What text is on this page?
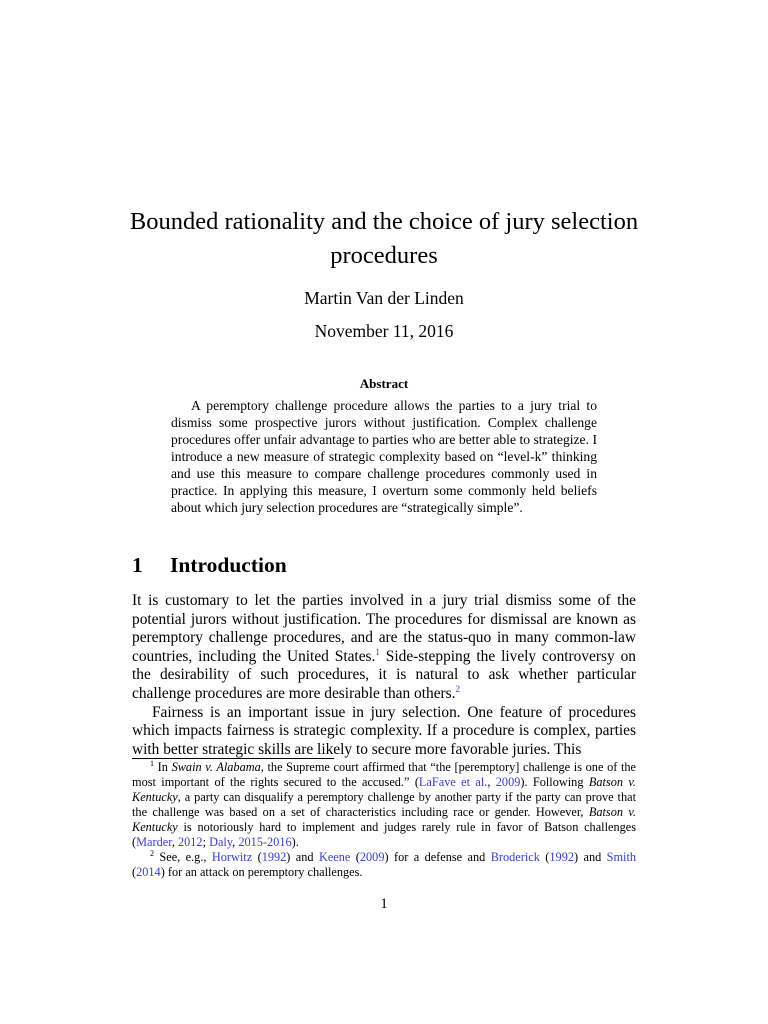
Bounded rationality and the choice of jury selection procedures
Martin Van der Linden
November 11, 2016
Abstract

A peremptory challenge procedure allows the parties to a jury trial to dismiss some prospective jurors without justification. Complex challenge procedures offer unfair advantage to parties who are better able to strategize. I introduce a new measure of strategic complexity based on “level-k” thinking and use this measure to compare challenge procedures commonly used in practice. In applying this measure, I overturn some commonly held beliefs about which jury selection procedures are “strategically simple”.

1 Introduction

It is customary to let the parties involved in a jury trial dismiss some of the potential jurors without justification. The procedures for dismissal are known as peremptory challenge procedures, and are the status-quo in many common-law countries, including the United States.$^1$ Side-stepping the lively controversy on the desirability of such procedures, it is natural to ask whether particular challenge procedures are more desirable than others.$^2$

Fairness is an important issue in jury selection. One feature of procedures which impacts fairness is strategic complexity. If a procedure is complex, parties with better strategic skills are likely to secure more favorable juries. This

$^1$ In Swain v. Alabama, the Supreme court affirmed that “the [peremptory] challenge is one of the most important of the rights secured to the accused.” (LaFave et al., 2009). Following Batson v. Kentucky, a party can disqualify a peremptory challenge by another party if the party can prove that the challenge was based on a set of characteristics including race or gender. However, Batson v. Kentucky is notoriously hard to implement and judges rarely rule in favor of Batson challenges (Marder, 2012; Daly, 2015-2016).

$^2$ See, e.g., Horwitz (1992) and Keene (2009) for a defense and Broderick (1992) and Smith (2014) for an attack on peremptory challenges.

1
